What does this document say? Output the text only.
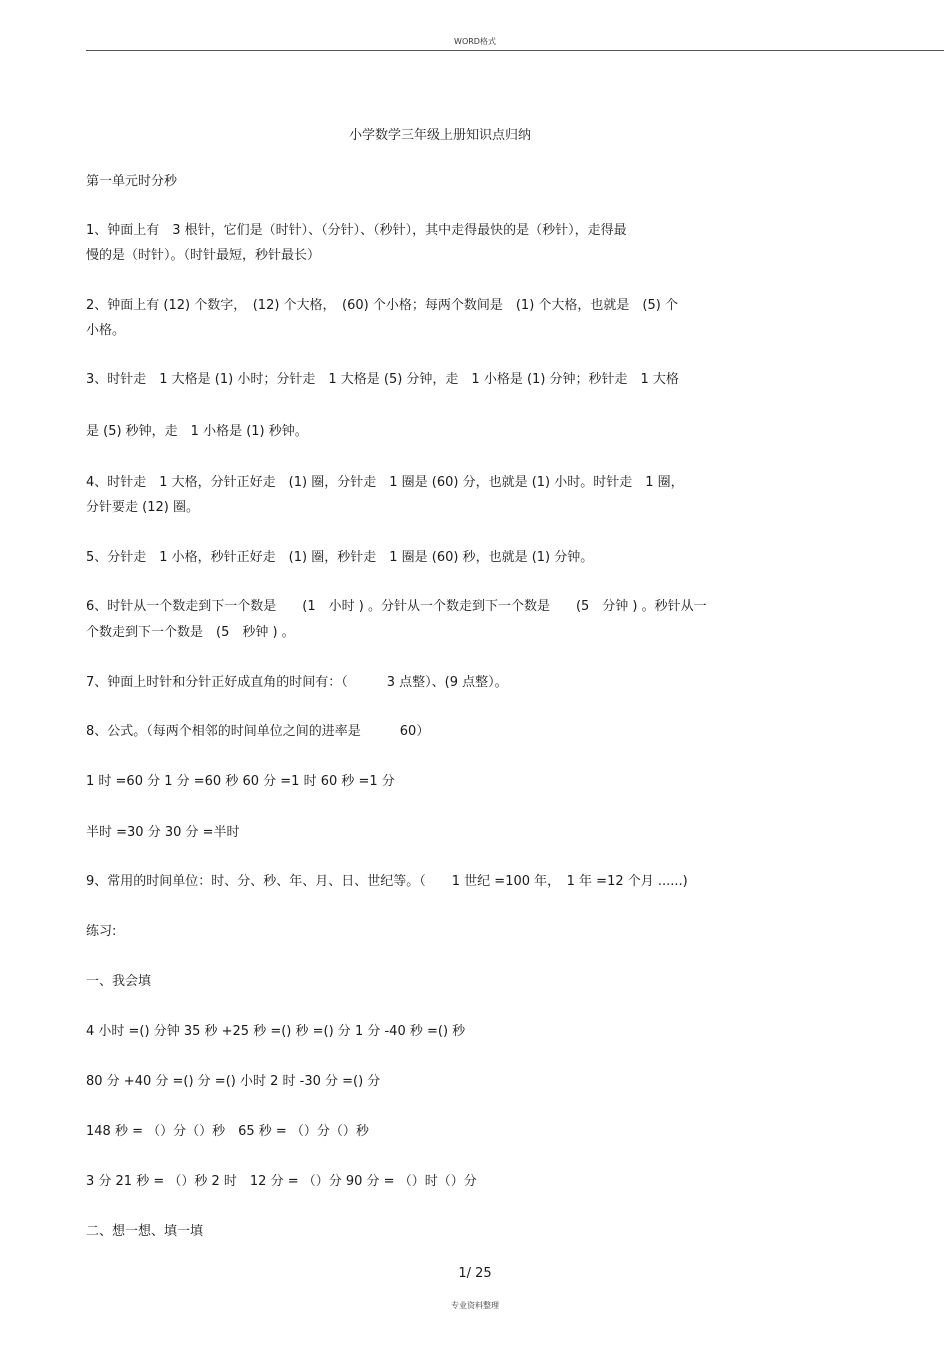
WORD格式
小学数学三年级上册知识点归纳
第一单元时分秒
1、钟面上有　3 根针，它们是（时针）、（分针）、（秒针），其中走得最快的是（秒针），走得最
慢的是（时针）。（时针最短，秒针最长）
2、钟面上有 (12) 个数字，　(12) 个大格，　(60) 个小格；每两个数间是　(1) 个大格，也就是　(5) 个
小格。
3、时针走　1 大格是 (1) 小时；分针走　1 大格是 (5) 分钟，走　1 小格是 (1) 分钟；秒针走　1 大格
是 (5) 秒钟，走　1 小格是 (1) 秒钟。
4、时针走　1 大格，分针正好走　(1) 圈，分针走　1 圈是 (60) 分，也就是 (1) 小时。时针走　1 圈，
分针要走 (12) 圈。
5、分针走　1 小格，秒针正好走　(1) 圈，秒针走　1 圈是 (60) 秒，也就是 (1) 分钟。
6、时针从一个数走到下一个数是　　(1　小时 ) 。分针从一个数走到下一个数是　　(5　分钟 ) 。秒针从一
个数走到下一个数是　(5　秒钟 ) 。
7、钟面上时针和分针正好成直角的时间有：（　　　3 点整）、(9 点整）。
8、公式。（每两个相邻的时间单位之间的进率是　　　60）
1 时 =60 分 1 分 =60 秒 60 分 =1 时 60 秒 =1 分
半时 =30 分 30 分 =半时
9、常用的时间单位：时、分、秒、年、月、日、世纪等。（　　1 世纪 =100 年，　1 年 =12 个月 ......)
练习:
一、我会填
4 小时 =() 分钟 35 秒 +25 秒 =() 秒 =() 分 1 分 -40 秒 =() 秒
80 分 +40 分 =() 分 =() 小时 2 时 -30 分 =() 分
148 秒 = （）分（）秒　65 秒 = （）分（）秒
3 分 21 秒 = （）秒 2 时　12 分 = （）分 90 分 = （）时（）分
二、想一想、填一填
1/ 25
专业资料整理
